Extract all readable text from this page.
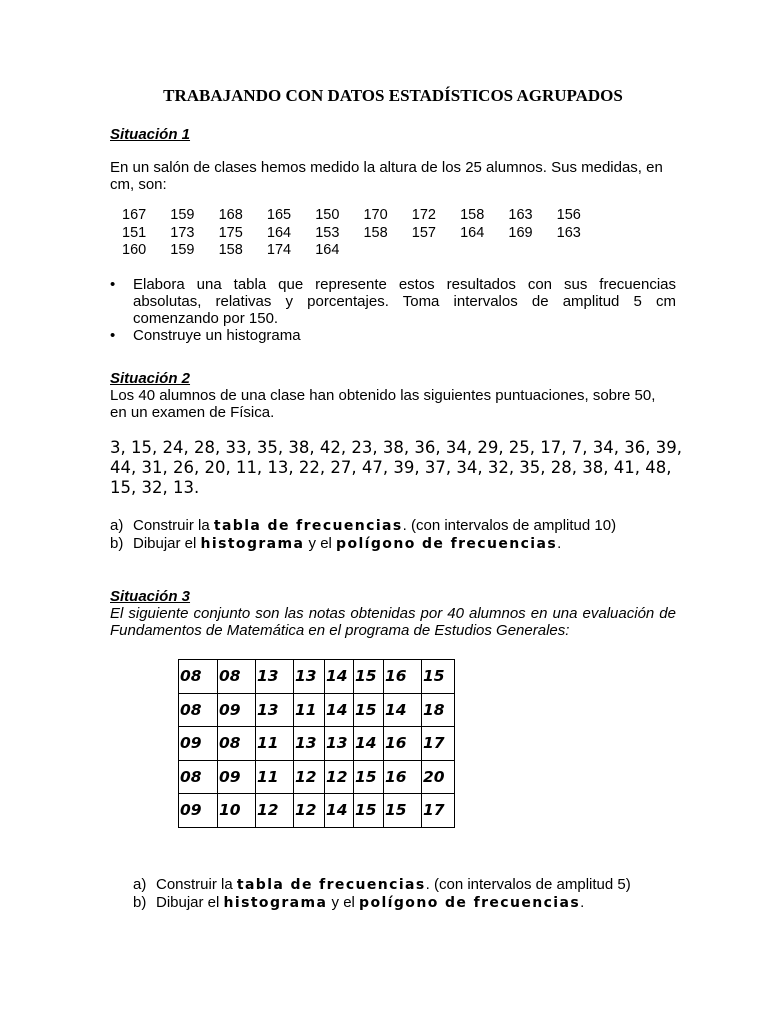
TRABAJANDO CON DATOS ESTADÍSTICOS AGRUPADOS
Situación 1
En un salón de clases hemos medido la altura de los 25 alumnos. Sus medidas, en cm, son:
167	159	168	165	150	170	172	158	163	156
151	173	175	164	153	158	157	164	169	163
160	159	158	174	164
• Elabora una tabla que represente estos resultados con sus frecuencias absolutas, relativas y porcentajes. Toma intervalos de amplitud 5 cm comenzando por 150.
• Construye un histograma
Situación 2
Los 40 alumnos de una clase han obtenido las siguientes puntuaciones, sobre 50, en un examen de Física.
3, 15, 24, 28, 33, 35, 38, 42, 23, 38, 36, 34, 29, 25, 17, 7, 34, 36, 39, 44, 31, 26, 20, 11, 13, 22, 27, 47, 39, 37, 34, 32, 35, 28, 38, 41, 48, 15, 32, 13.
a) Construir la tabla de frecuencias. (con intervalos de amplitud 10)
b) Dibujar el histograma y el polígono de frecuencias.
Situación 3
El siguiente conjunto son las notas obtenidas por 40 alumnos en una evaluación de Fundamentos de Matemática en el programa de Estudios Generales:
08	08	13	13	14	15	16	15
08	09	13	11	14	15	14	18
09	08	11	13	13	14	16	17
08	09	11	12	12	15	16	20
09	10	12	12	14	15	15	17
a) Construir la tabla de frecuencias. (con intervalos de amplitud 5)
b) Dibujar el histograma y el polígono de frecuencias.
